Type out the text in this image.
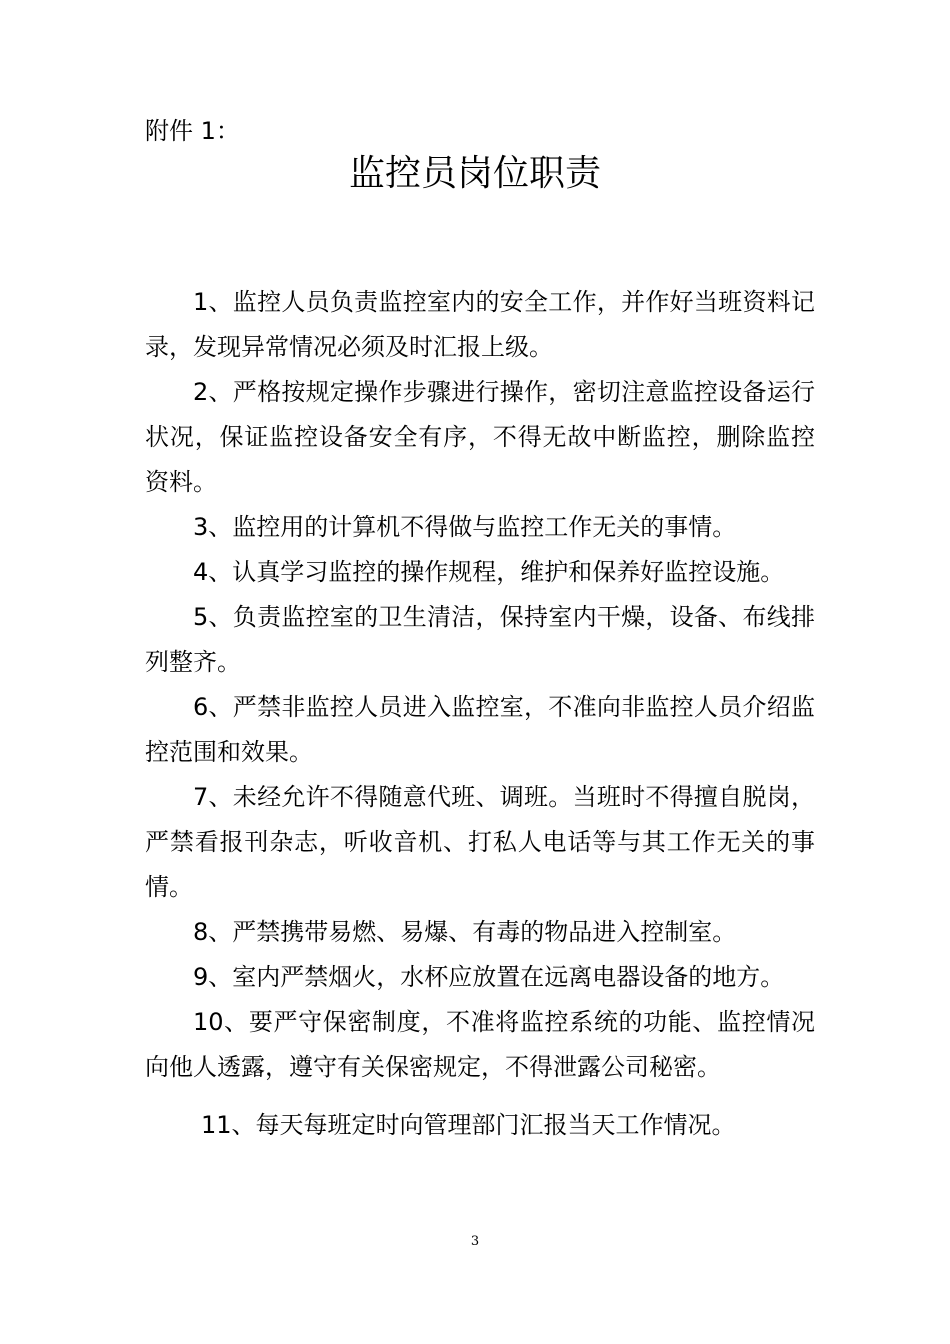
附件 1：
监控员岗位职责

1、监控人员负责监控室内的安全工作，并作好当班资料记录，发现异常情况必须及时汇报上级。

2、严格按规定操作步骤进行操作，密切注意监控设备运行状况，保证监控设备安全有序，不得无故中断监控，删除监控资料。

3、监控用的计算机不得做与监控工作无关的事情。

4、认真学习监控的操作规程，维护和保养好监控设施。

5、负责监控室的卫生清洁，保持室内干燥，设备、布线排列整齐。

6、严禁非监控人员进入监控室，不准向非监控人员介绍监控范围和效果。

7、未经允许不得随意代班、调班。当班时不得擅自脱岗，严禁看报刊杂志，听收音机、打私人电话等与其工作无关的事情。

8、严禁携带易燃、易爆、有毒的物品进入控制室。

9、室内严禁烟火，水杯应放置在远离电器设备的地方。

10、要严守保密制度，不准将监控系统的功能、监控情况向他人透露，遵守有关保密规定，不得泄露公司秘密。

11、每天每班定时向管理部门汇报当天工作情况。

3
